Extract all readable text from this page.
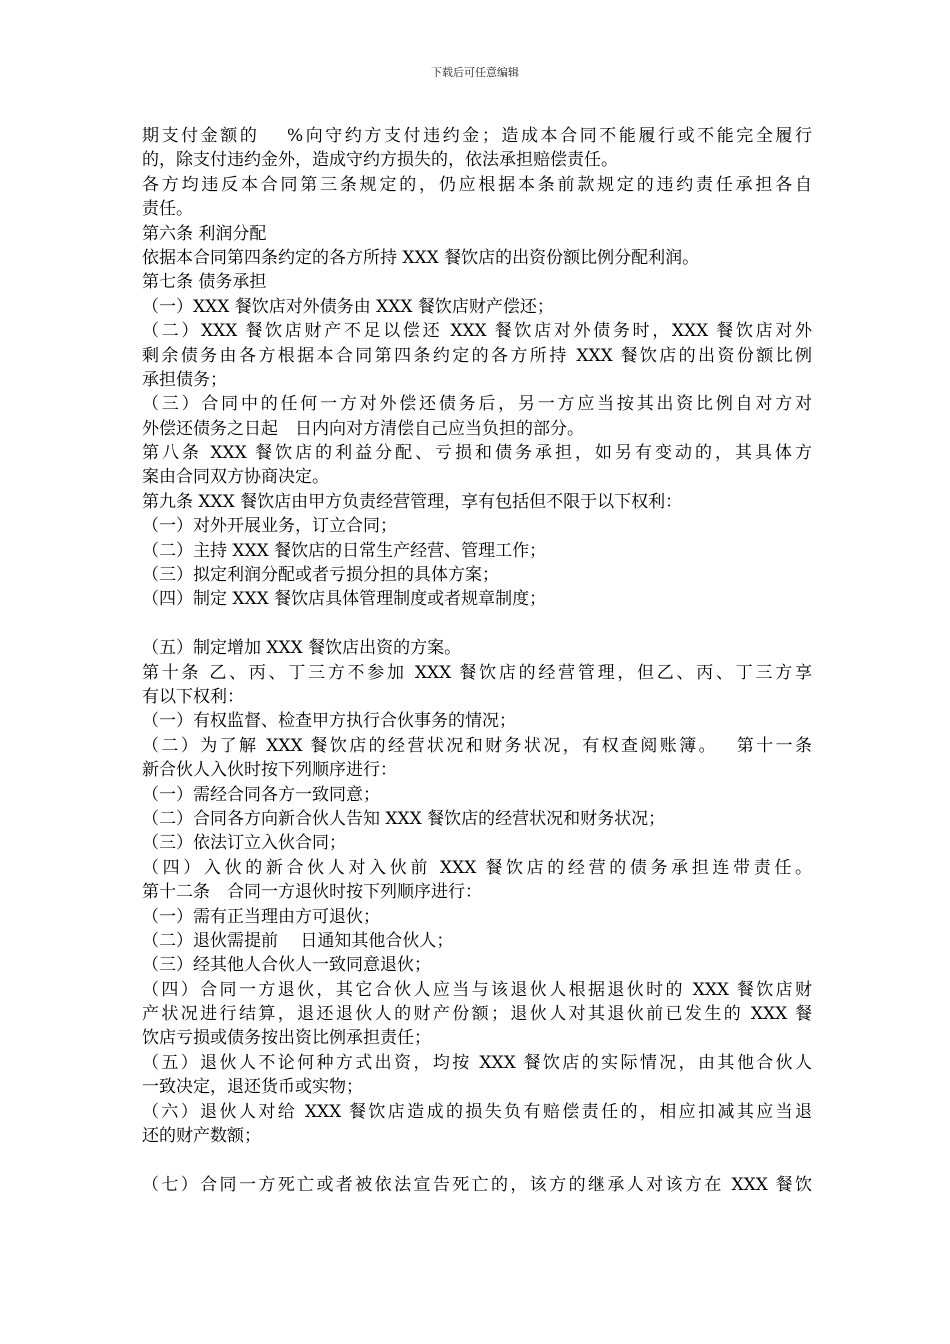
下载后可任意编辑
期支付金额的　 %向守约方支付违约金；造成本合同不能履行或不能完全履行
的，除支付违约金外，造成守约方损失的，依法承担赔偿责任。
各方均违反本合同第三条规定的，仍应根据本条前款规定的违约责任承担各自
责任。
第六条 利润分配
依据本合同第四条约定的各方所持 XXX 餐饮店的出资份额比例分配利润。
第七条 债务承担
（一）XXX 餐饮店对外债务由 XXX 餐饮店财产偿还；
（二）XXX 餐饮店财产不足以偿还 XXX 餐饮店对外债务时，XXX 餐饮店对外
剩余债务由各方根据本合同第四条约定的各方所持 XXX 餐饮店的出资份额比例
承担债务；
（三）合同中的任何一方对外偿还债务后，另一方应当按其出资比例自对方对
外偿还债务之日起　日内向对方清偿自己应当负担的部分。
第八条 XXX 餐饮店的利益分配、亏损和债务承担，如另有变动的，其具体方
案由合同双方协商决定。
第九条 XXX 餐饮店由甲方负责经营管理，享有包括但不限于以下权利：
（一）对外开展业务，订立合同；
（二）主持 XXX 餐饮店的日常生产经营、管理工作；
（三）拟定利润分配或者亏损分担的具体方案；
（四）制定 XXX 餐饮店具体管理制度或者规章制度；
（五）制定增加 XXX 餐饮店出资的方案。
第十条 乙、丙、丁三方不参加 XXX 餐饮店的经营管理，但乙、丙、丁三方享
有以下权利：
（一）有权监督、检查甲方执行合伙事务的情况；
（二）为了解 XXX 餐饮店的经营状况和财务状况，有权查阅账簿。　 第十一条
新合伙人入伙时按下列顺序进行：
（一）需经合同各方一致同意；
（二）合同各方向新合伙人告知 XXX 餐饮店的经营状况和财务状况；
（三）依法订立入伙合同；
（四）入伙的新合伙人对入伙前 XXX 餐饮店的经营的债务承担连带责任。
第十二条　合同一方退伙时按下列顺序进行：
（一）需有正当理由方可退伙；
（二）退伙需提前　 日通知其他合伙人；
（三）经其他人合伙人一致同意退伙；
（四）合同一方退伙，其它合伙人应当与该退伙人根据退伙时的 XXX 餐饮店财
产状况进行结算，退还退伙人的财产份额；退伙人对其退伙前已发生的 XXX 餐
饮店亏损或债务按出资比例承担责任；
（五）退伙人不论何种方式出资，均按 XXX 餐饮店的实际情况，由其他合伙人
一致决定，退还货币或实物；
（六）退伙人对给 XXX 餐饮店造成的损失负有赔偿责任的，相应扣减其应当退
还的财产数额；
（七）合同一方死亡或者被依法宣告死亡的，该方的继承人对该方在 XXX 餐饮
